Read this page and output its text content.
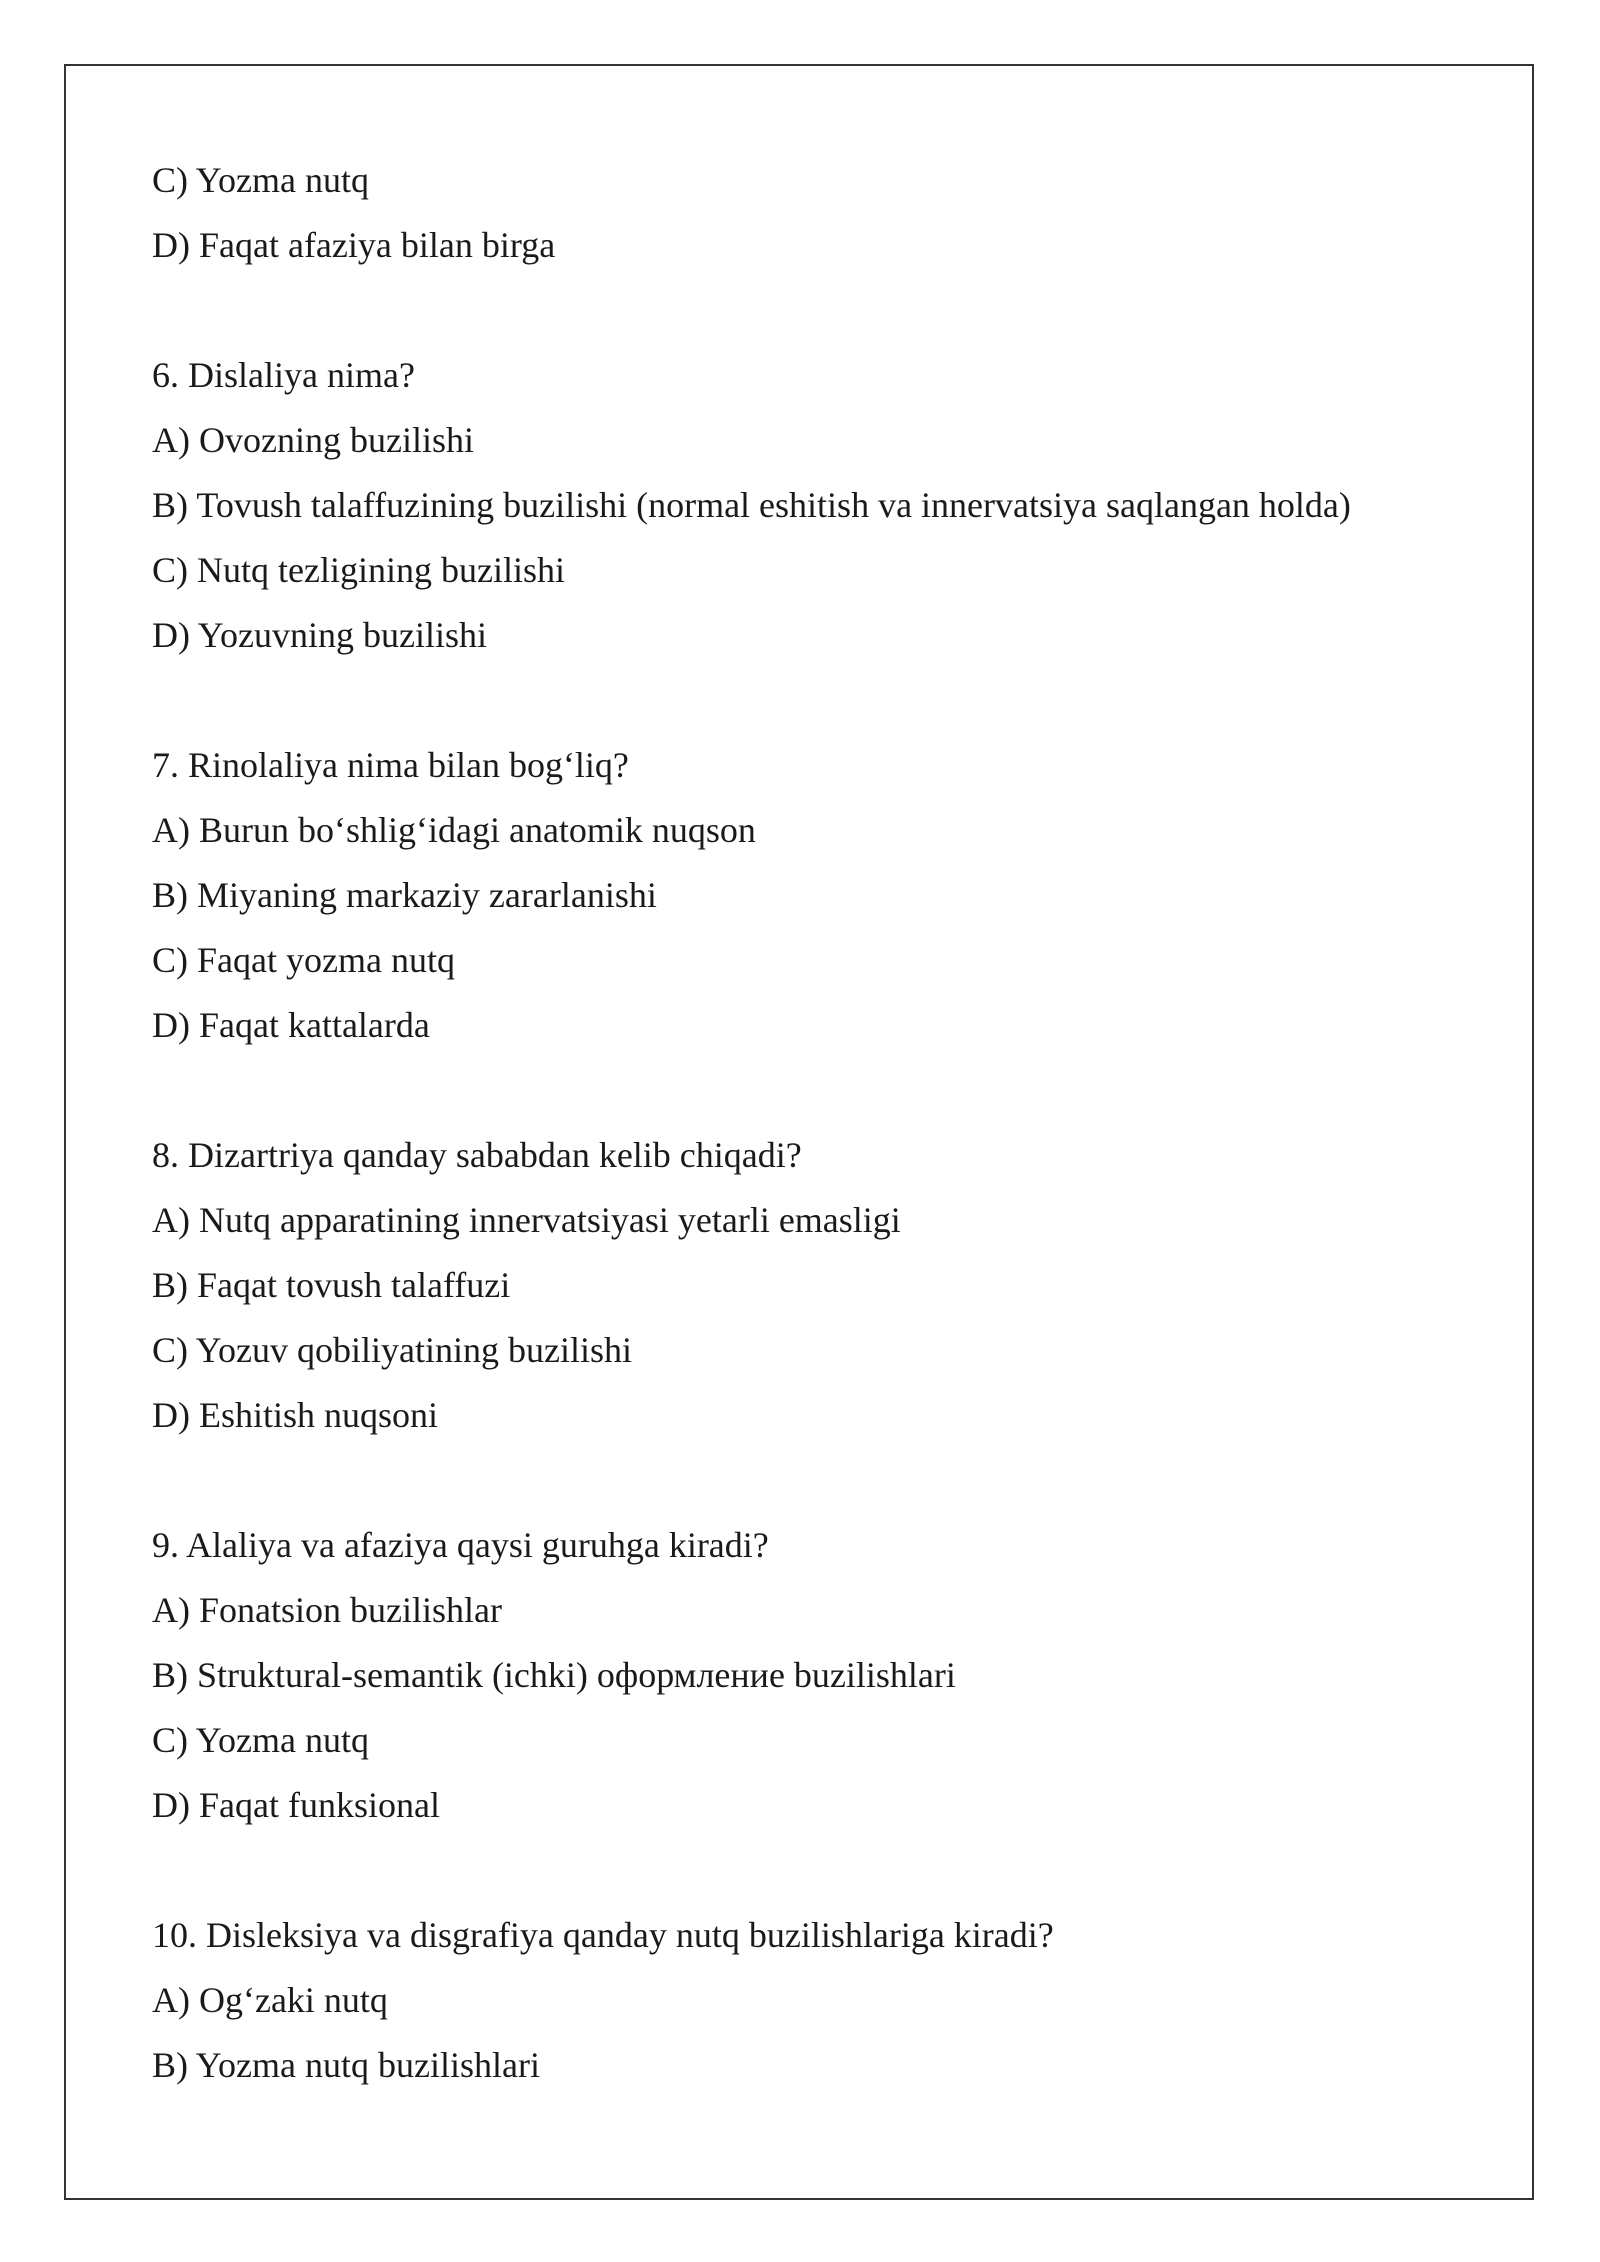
C) Yozma nutq
D) Faqat afaziya bilan birga
6. Dislaliya nima?
A) Ovozning buzilishi
B) Tovush talaffuzining buzilishi (normal eshitish va innervatsiya saqlangan holda)
C) Nutq tezligining buzilishi
D) Yozuvning buzilishi
7. Rinolaliya nima bilan bog‘liq?
A) Burun bo‘shlig‘idagi anatomik nuqson
B) Miyaning markaziy zararlanishi
C) Faqat yozma nutq
D) Faqat kattalarda
8. Dizartriya qanday sababdan kelib chiqadi?
A) Nutq apparatining innervatsiyasi yetarli emasligi
B) Faqat tovush talaffuzi
C) Yozuv qobiliyatining buzilishi
D) Eshitish nuqsoni
9. Alaliya va afaziya qaysi guruhga kiradi?
A) Fonatsion buzilishlar
B) Struktural-semantik (ichki) оформление buzilishlari
C) Yozma nutq
D) Faqat funksional
10. Disleksiya va disgrafiya qanday nutq buzilishlariga kiradi?
A) Og‘zaki nutq
B) Yozma nutq buzilishlari
